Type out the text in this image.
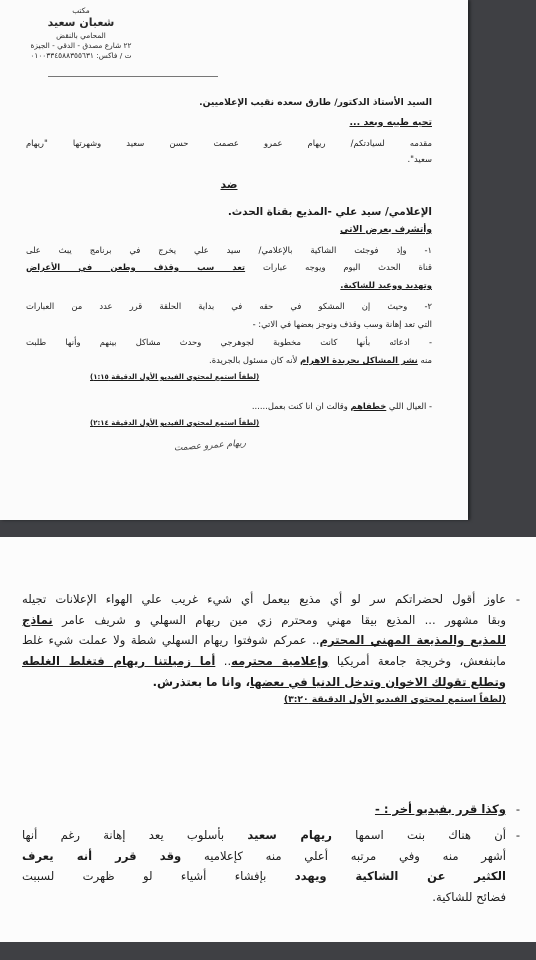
مكتب
شعبان سعيد
المحامي بالنقض
٢٢ شارع مصدق - الدقي - الجيزة
ت / فاكس: ٠١٠٠٣٣٤٥٨٨٣٥٥٦٣١
السيد الأستاذ الدكتور/ طارق سعده نقيب الإعلاميين.
تحيه طيبه وبعد ...
مقدمه لسيادتكم/ ريهام عمرو عصمت حسن سعيد وشهرتها "ريهام
سعيد".
ضد
الإعلامي/ سيد علي -المذيع بقناة الحدث.
وأتشرف بعرض الاتي
١- وإذ فوجئت الشاكية بالإعلامي/ سيد علي يخرج في برنامج يبث على
قناة الحدث اليوم ويوجه عبارات تعد سب وقذف وطعن في الأعراض
وتهديد ووعيد للشاكية.
٢- وحيث إن المشكو في حقه في بداية الحلقة قرر عدد من العبارات
التي تعد إهانة وسب وقذف ونوجز بعضها في الاتي: -
- ادعائه بأنها كانت مخطوبة لجوهرجي وحدث مشاكل بينهم وأنها طلبت
منه نشر المشاكل بجريدة الاهرام لأنه كان مسئول بالجريدة.
(لطفاً استمع لمحتوى الفيديو الأول الدقيقة ١:١٥)
- العيال اللي خطفاهم وقالت ان انا كنت بعمل......
(لطفاً استمع لمحتوى الفيديو الأول الدقيقة ٢:١٤)
ريهام عمرو عصمت
-
عاوز أقول لحضراتكم سر لو أي مذيع بيعمل أي شيء غريب علي الهواء الإعلانات تجيله
وبقا مشهور ... المذيع بيقا مهني ومحترم زي مين ريهام السهلي و شريف عامر نماذج
للمذيع والمذيعة المهني المحترم.. عمركم شوفتوا ريهام السهلي شطة ولا عملت شيء غلط
مابنفعش، وخريجة جامعة أمريكيا وإعلامية محترمه.. أما زميلتنا ريهام فتغلط الغلطه
وتطلع تقولك الاخوان وتدخل الدنيا في بعضها، وانا ما بعتذرش.
(لطفاً استمع لمحتوى الفيديو الأول الدقيقة ٣:٢٠)
-
وكذا قرر بفيديو أخر : -
-
أن هناك بنت اسمها ريهام سعيد بأسلوب يعد إهانة رغم أنها
أشهر منه وفي مرتبه أعلي منه كإعلاميه وقد قرر أنه يعرف
الكثير عن الشاكية ويهدد بإفشاء أشياء لو ظهرت لسببت
فضائح للشاكية.
